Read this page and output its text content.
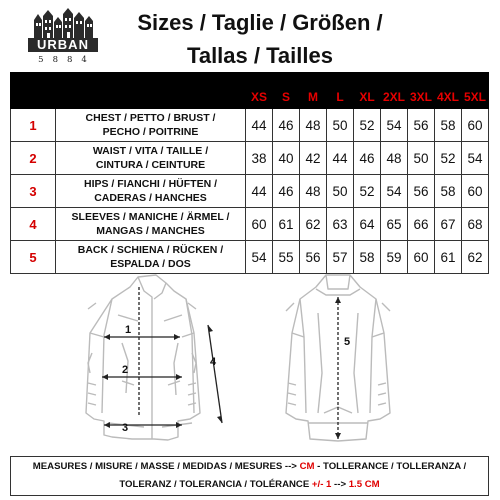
URBAN
5884
Sizes / Taglie / Größen /
Tallas / Tailles
		XS	S	M	L	XL	2XL	3XL	4XL	5XL
1	CHEST / PETTO / BRUST /
PECHO / POITRINE	44	46	48	50	52	54	56	58	60
2	WAIST / VITA / TAILLE /
CINTURA / CEINTURE	38	40	42	44	46	48	50	52	54
3	HIPS / FIANCHI / HÜFTEN /
CADERAS / HANCHES	44	46	48	50	52	54	56	58	60
4	SLEEVES / MANICHE / ÄRMEL /
MANGAS / MANCHES	60	61	62	63	64	65	66	67	68
5	BACK / SCHIENA / RÜCKEN /
ESPALDA / DOS	54	55	56	57	58	59	60	61	62
1
2
3
4
5
MEASURES / MISURE / MASSE / MEDIDAS / MESURES --> CM - TOLLERANCE / TOLLERANZA /
TOLERANZ / TOLERANCIA / TOLÉRANCE +/- 1 --> 1.5 CM
